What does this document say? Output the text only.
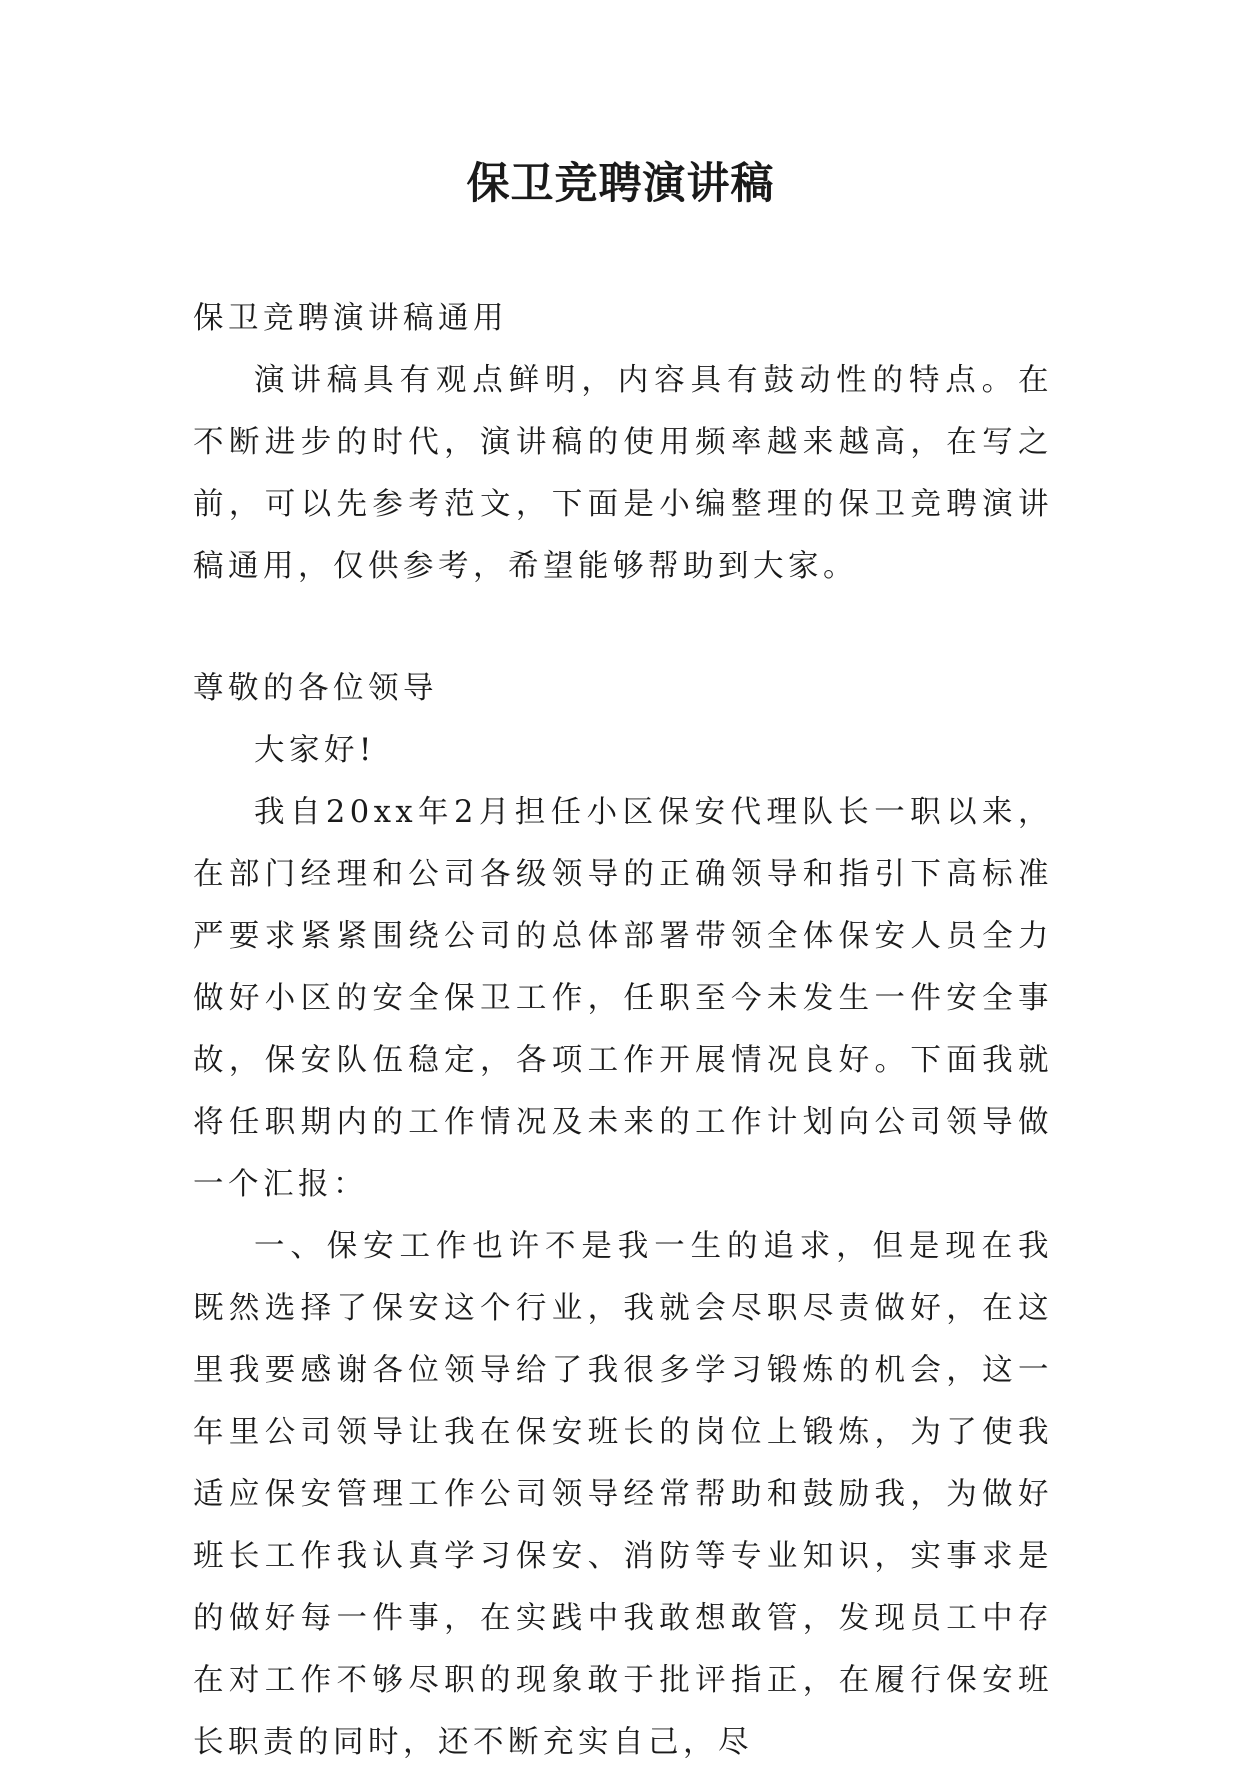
保卫竞聘演讲稿

保卫竞聘演讲稿通用

演讲稿具有观点鲜明，内容具有鼓动性的特点。在不断进步的时代，演讲稿的使用频率越来越高，在写之前，可以先参考范文，下面是小编整理的保卫竞聘演讲稿通用，仅供参考，希望能够帮助到大家。

尊敬的各位领导

大家好!

我自20xx年2月担任小区保安代理队长一职以来，在部门经理和公司各级领导的正确领导和指引下高标准严要求紧紧围绕公司的总体部署带领全体保安人员全力做好小区的安全保卫工作，任职至今未发生一件安全事故，保安队伍稳定，各项工作开展情况良好。下面我就将任职期内的工作情况及未来的工作计划向公司领导做一个汇报：

一、保安工作也许不是我一生的追求，但是现在我既然选择了保安这个行业，我就会尽职尽责做好，在这里我要感谢各位领导给了我很多学习锻炼的机会，这一年里公司领导让我在保安班长的岗位上锻炼，为了使我适应保安管理工作公司领导经常帮助和鼓励我，为做好班长工作我认真学习保安、消防等专业知识，实事求是的做好每一件事，在实践中我敢想敢管，发现员工中存在对工作不够尽职的现象敢于批评指正，在履行保安班长职责的同时，还不断充实自己，尽
